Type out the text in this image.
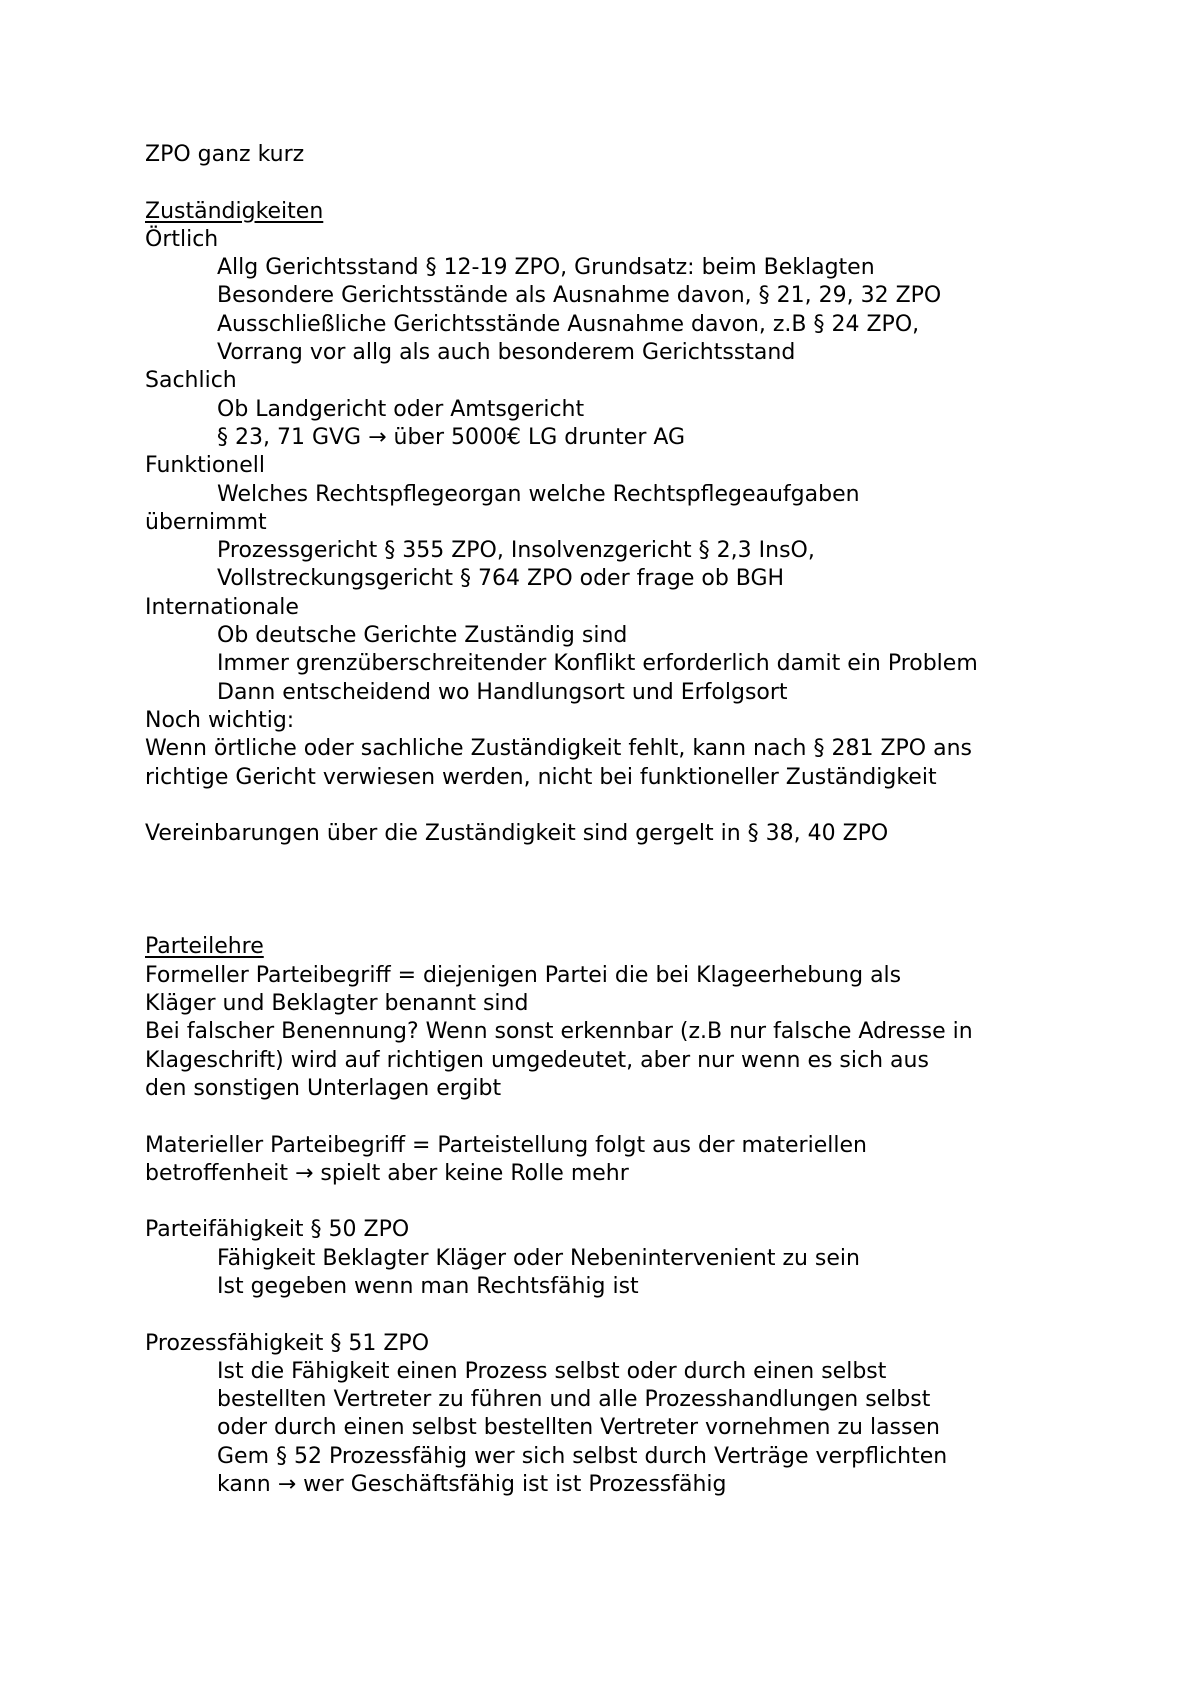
ZPO ganz kurz
Zuständigkeiten
Örtlich
Allg Gerichtsstand § 12-19 ZPO, Grundsatz: beim Beklagten
Besondere Gerichtsstände als Ausnahme davon, § 21, 29, 32 ZPO
Ausschließliche Gerichtsstände Ausnahme davon, z.B § 24 ZPO,
Vorrang vor allg als auch besonderem Gerichtsstand
Sachlich
Ob Landgericht oder Amtsgericht
§ 23, 71 GVG → über 5000€ LG drunter AG
Funktionell
Welches Rechtspflegeorgan welche Rechtspflegeaufgaben
übernimmt
Prozessgericht § 355 ZPO, Insolvenzgericht § 2,3 InsO,
Vollstreckungsgericht § 764 ZPO oder frage ob BGH
Internationale
Ob deutsche Gerichte Zuständig sind
Immer grenzüberschreitender Konflikt erforderlich damit ein Problem
Dann entscheidend wo Handlungsort und Erfolgsort
Noch wichtig:
Wenn örtliche oder sachliche Zuständigkeit fehlt, kann nach § 281 ZPO ans
richtige Gericht verwiesen werden, nicht bei funktioneller Zuständigkeit
Vereinbarungen über die Zuständigkeit sind gergelt in § 38, 40 ZPO
Parteilehre
Formeller Parteibegriff = diejenigen Partei die bei Klageerhebung als
Kläger und Beklagter benannt sind
Bei falscher Benennung? Wenn sonst erkennbar (z.B nur falsche Adresse in
Klageschrift) wird auf richtigen umgedeutet, aber nur wenn es sich aus
den sonstigen Unterlagen ergibt
Materieller Parteibegriff = Parteistellung folgt aus der materiellen
betroffenheit → spielt aber keine Rolle mehr
Parteifähigkeit § 50 ZPO
Fähigkeit Beklagter Kläger oder Nebenintervenient zu sein
Ist gegeben wenn man Rechtsfähig ist
Prozessfähigkeit § 51 ZPO
Ist die Fähigkeit einen Prozess selbst oder durch einen selbst
bestellten Vertreter zu führen und alle Prozesshandlungen selbst
oder durch einen selbst bestellten Vertreter vornehmen zu lassen
Gem § 52 Prozessfähig wer sich selbst durch Verträge verpflichten
kann → wer Geschäftsfähig ist ist Prozessfähig
